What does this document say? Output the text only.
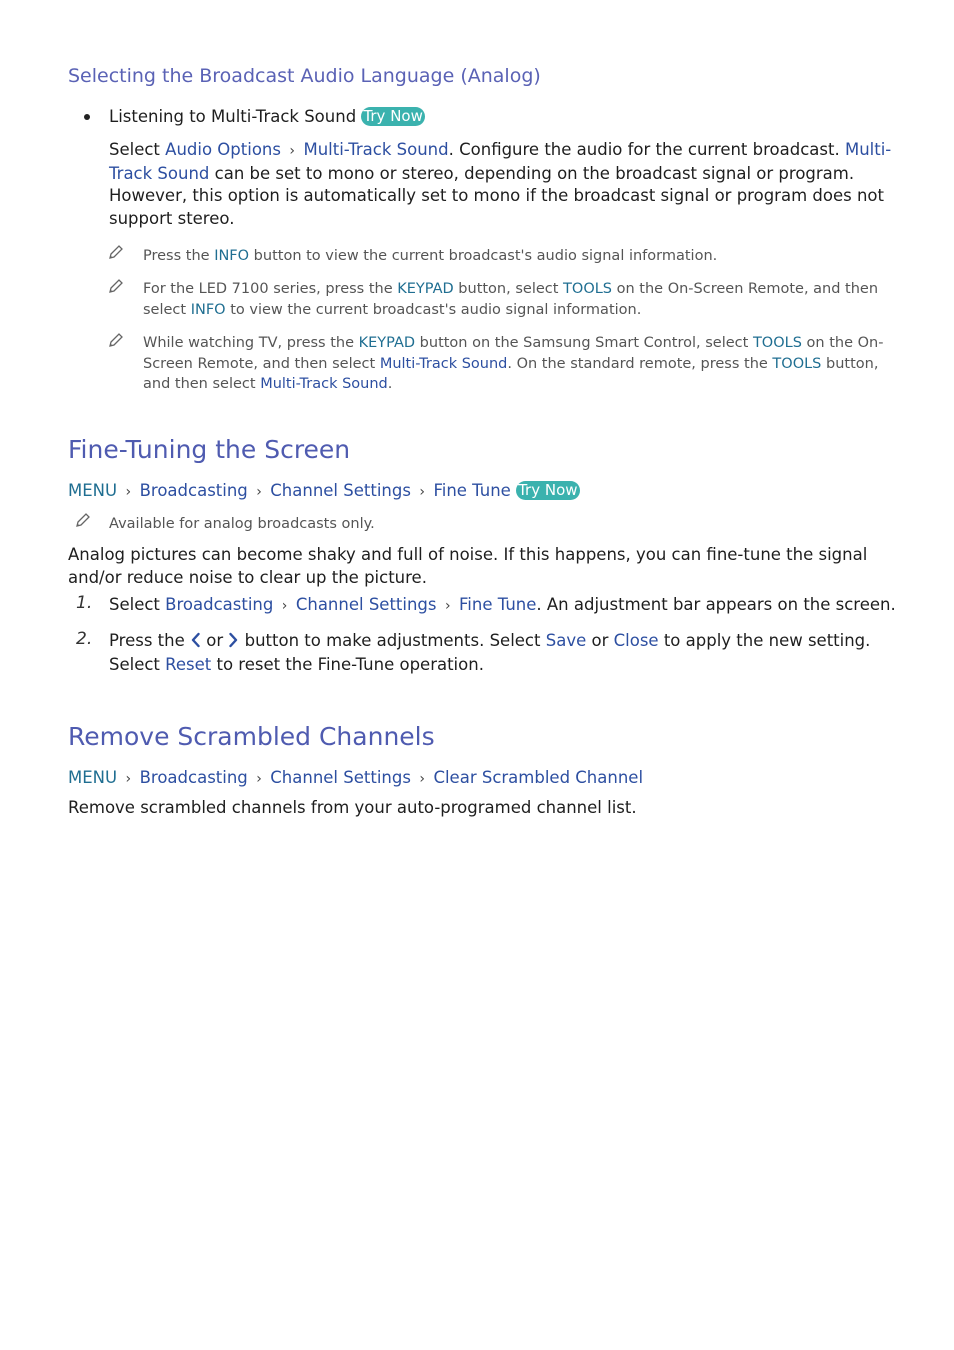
Selecting the Broadcast Audio Language (Analog)
Listening to Multi-Track Sound Try Now
Select Audio Options › Multi-Track Sound. Configure the audio for the current broadcast. Multi-
Track Sound can be set to mono or stereo, depending on the broadcast signal or program.
However, this option is automatically set to mono if the broadcast signal or program does not
support stereo.
Press the INFO button to view the current broadcast's audio signal information.
For the LED 7100 series, press the KEYPAD button, select TOOLS on the On-Screen Remote, and then
select INFO to view the current broadcast's audio signal information.
While watching TV, press the KEYPAD button on the Samsung Smart Control, select TOOLS on the On-
Screen Remote, and then select Multi-Track Sound. On the standard remote, press the TOOLS button,
and then select Multi-Track Sound.
Fine-Tuning the Screen
MENU › Broadcasting › Channel Settings › Fine Tune Try Now
Available for analog broadcasts only.
Analog pictures can become shaky and full of noise. If this happens, you can fine-tune the signal
and/or reduce noise to clear up the picture.
1. Select Broadcasting › Channel Settings › Fine Tune. An adjustment bar appears on the screen.
2. Press the  or  button to make adjustments. Select Save or Close to apply the new setting.
Select Reset to reset the Fine-Tune operation.
Remove Scrambled Channels
MENU › Broadcasting › Channel Settings › Clear Scrambled Channel
Remove scrambled channels from your auto-programed channel list.
